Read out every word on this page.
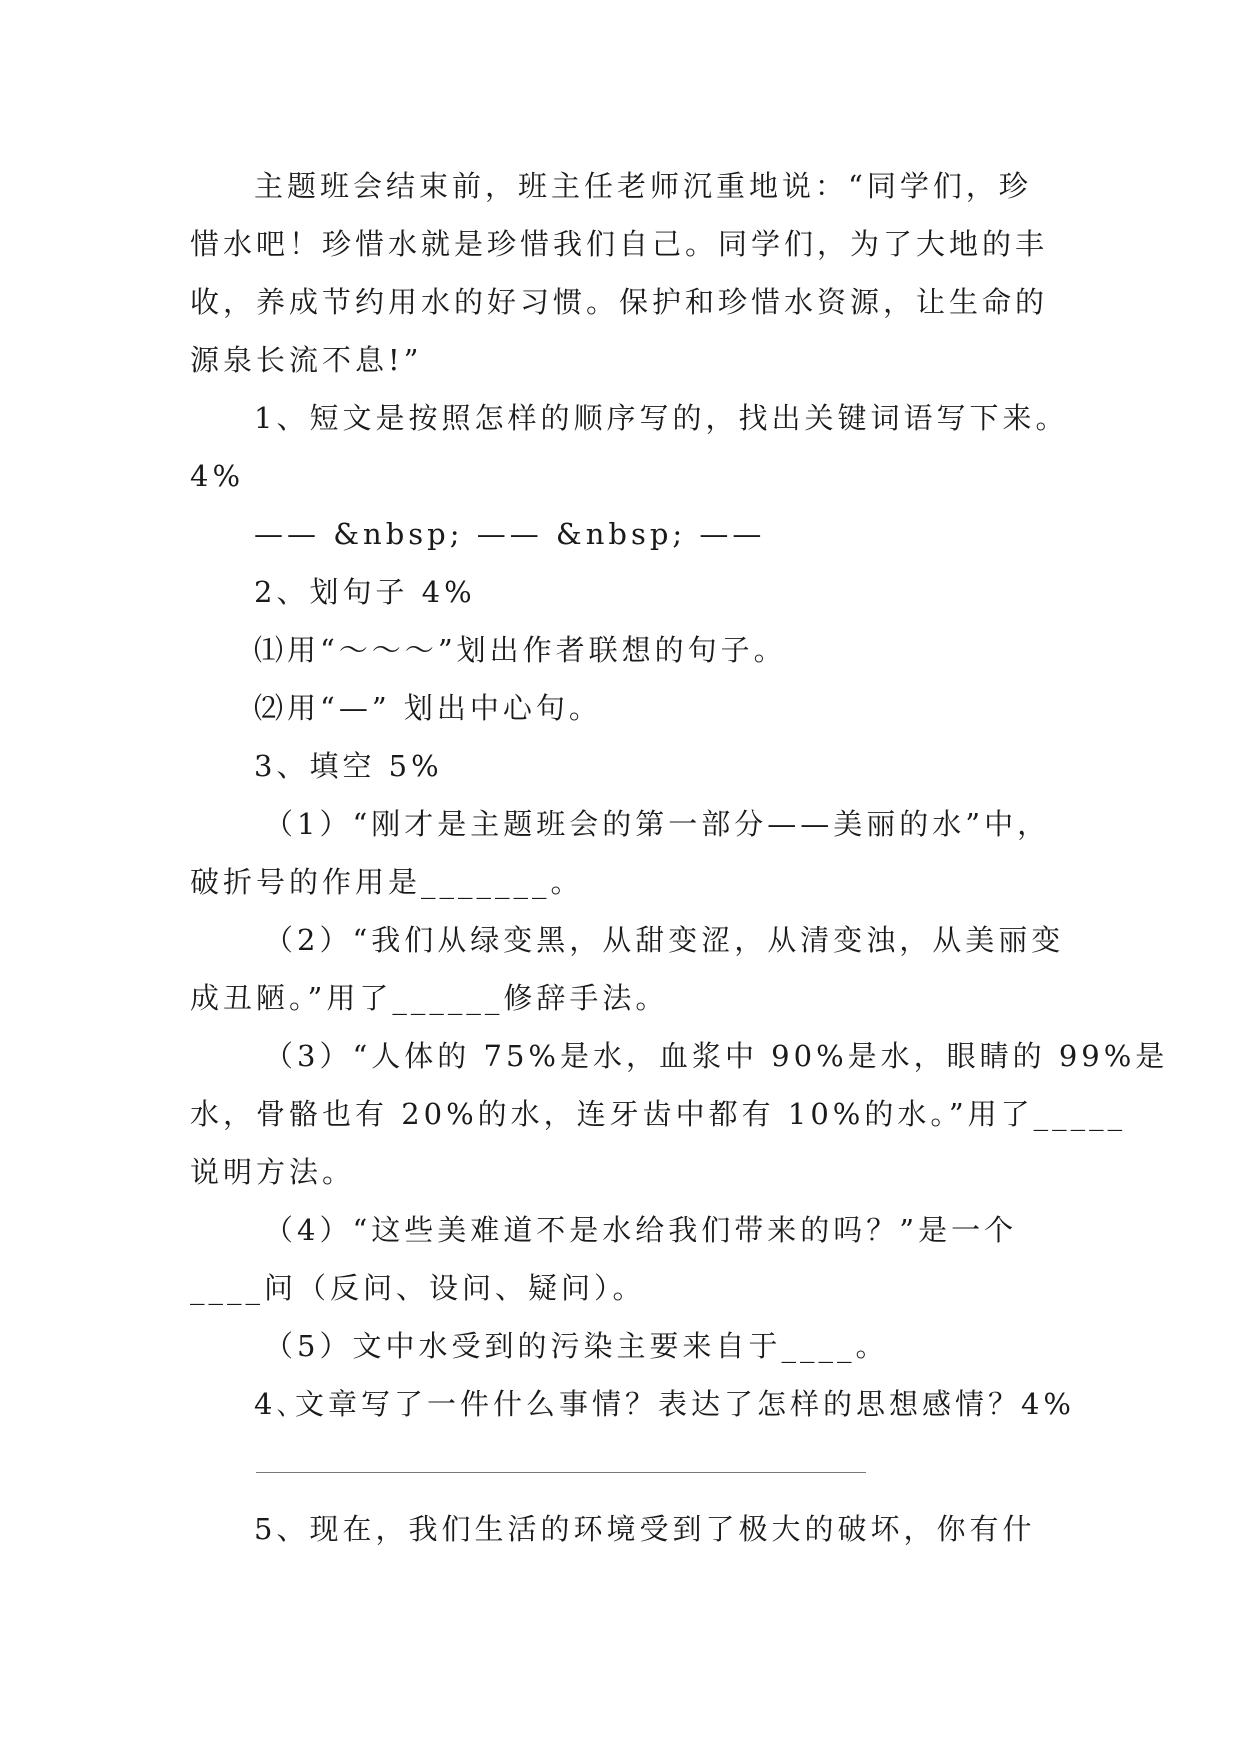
主题班会结束前，班主任老师沉重地说：“同学们，珍

惜水吧！珍惜水就是珍惜我们自己。同学们，为了大地的丰

收，养成节约用水的好习惯。保护和珍惜水资源，让生命的

源泉长流不息!”

1、短文是按照怎样的顺序写的，找出关键词语写下来。

4%

—— &nbsp; —— &nbsp; ——

2、划句子 4%

⑴用“～～～”划出作者联想的句子。

⑵用“—” 划出中心句。

3、填空 5%

（1）“刚才是主题班会的第一部分——美丽的水”中，

破折号的作用是_______。

（2）“我们从绿变黑，从甜变涩，从清变浊，从美丽变

成丑陋。”用了______修辞手法。

（3）“人体的 75%是水，血浆中 90%是水，眼睛的 99%是

水，骨骼也有 20%的水，连牙齿中都有 10%的水。”用了_____

说明方法。

（4）“这些美难道不是水给我们带来的吗？”是一个

____问（反问、设问、疑问）。

（5）文中水受到的污染主要来自于____。

4､文章写了一件什么事情？表达了怎样的思想感情？4%

5、现在，我们生活的环境受到了极大的破坏，你有什
